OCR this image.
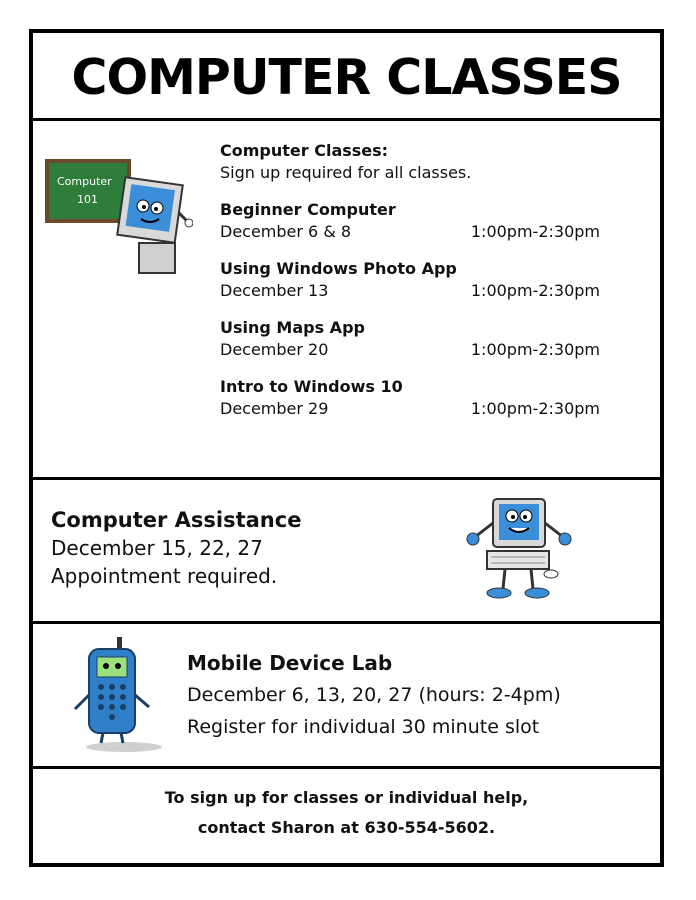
COMPUTER CLASSES
Computer
101
Computer Classes:
Sign up required for all classes.
Beginner Computer
December 6 & 8	1:00pm-2:30pm
Using Windows Photo App
December 13	1:00pm-2:30pm
Using Maps App
December 20	1:00pm-2:30pm
Intro to Windows 10
December 29	1:00pm-2:30pm
Computer Assistance
December 15, 22, 27
Appointment required.
Mobile Device Lab
December 6, 13, 20, 27 (hours: 2-4pm)
Register for individual 30 minute slot
To sign up for classes or individual help,
contact Sharon at 630-554-5602.
